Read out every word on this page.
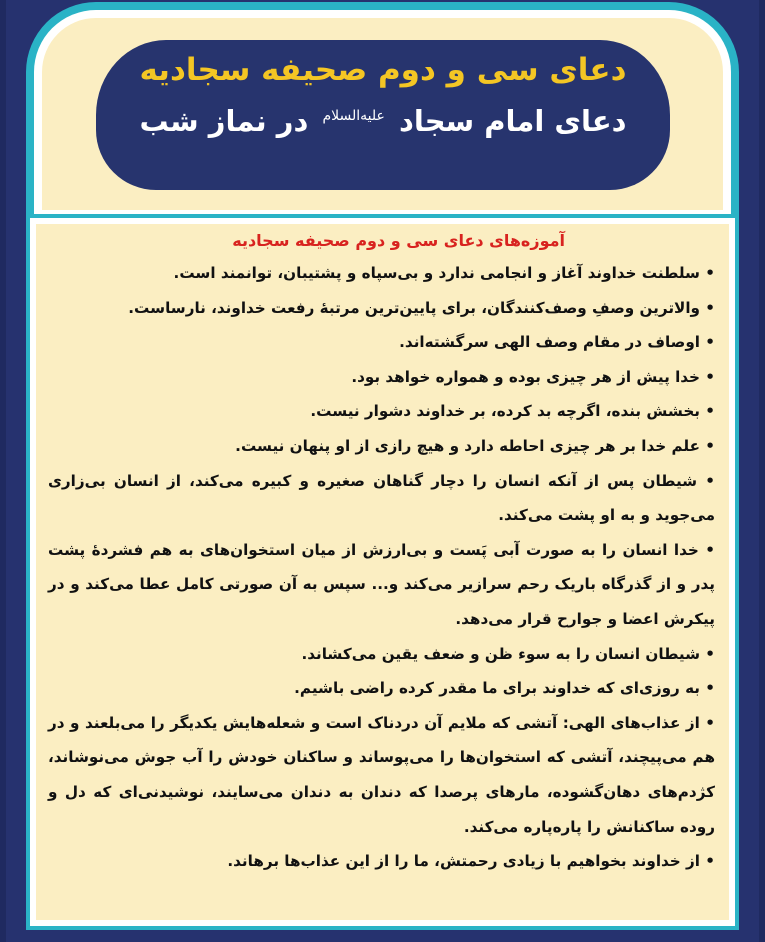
دعای سی و دوم صحیفه سجادیه
دعای امام سجاد علیه‌السلام در نماز شب
آموزه‌های دعای سی و دوم صحیفه سجادیه
• سلطنت خداوند آغاز و انجامی ندارد و بی‌سپاه و پشتیبان، توانمند است.
• والاترین وصفِ وصف‌کنندگان، برای پایین‌ترین مرتبهٔ رفعت خداوند، نارساست.
• اوصاف در مقام وصف الهی سرگشته‌اند.
• خدا پیش از هر چیزی بوده و همواره خواهد بود.
• بخشش بنده، اگرچه بد کرده، بر خداوند دشوار نیست.
• علم خدا بر هر چیزی احاطه دارد و هیچ رازی از او پنهان نیست.
• شیطان پس از آنکه انسان را دچار گناهان صغیره و کبیره می‌کند، از انسان بی‌زاری می‌جوید و به او پشت می‌کند.
• خدا انسان را به صورت آبی پَست و بی‌ارزش از میان استخوان‌های به هم فشردهٔ پشت پدر و از گذرگاه باریک رحم سرازیر می‌کند و... سپس به آن صورتی کامل عطا می‌کند و در پیکرش اعضا و جوارح قرار می‌دهد.
• شیطان انسان را به سوء ظن و ضعف یقین می‌کشاند.
• به روزی‌ای که خداوند برای ما مقدر کرده راضی باشیم.
• از عذاب‌های الهی: آتشی که ملایم آن دردناک است و شعله‌هایش یکدیگر را می‌بلعند و در هم می‌پیچند، آتشی که استخوان‌ها را می‌پوساند و ساکنان خودش را آب جوش می‌نوشاند، کژدم‌های دهان‌گشوده، مارهای پرصدا که دندان به دندان می‌سایند، نوشیدنی‌ای که دل و روده ساکنانش را پاره‌پاره می‌کند.
• از خداوند بخواهیم با زیادی رحمتش، ما را از این عذاب‌ها برهاند.
